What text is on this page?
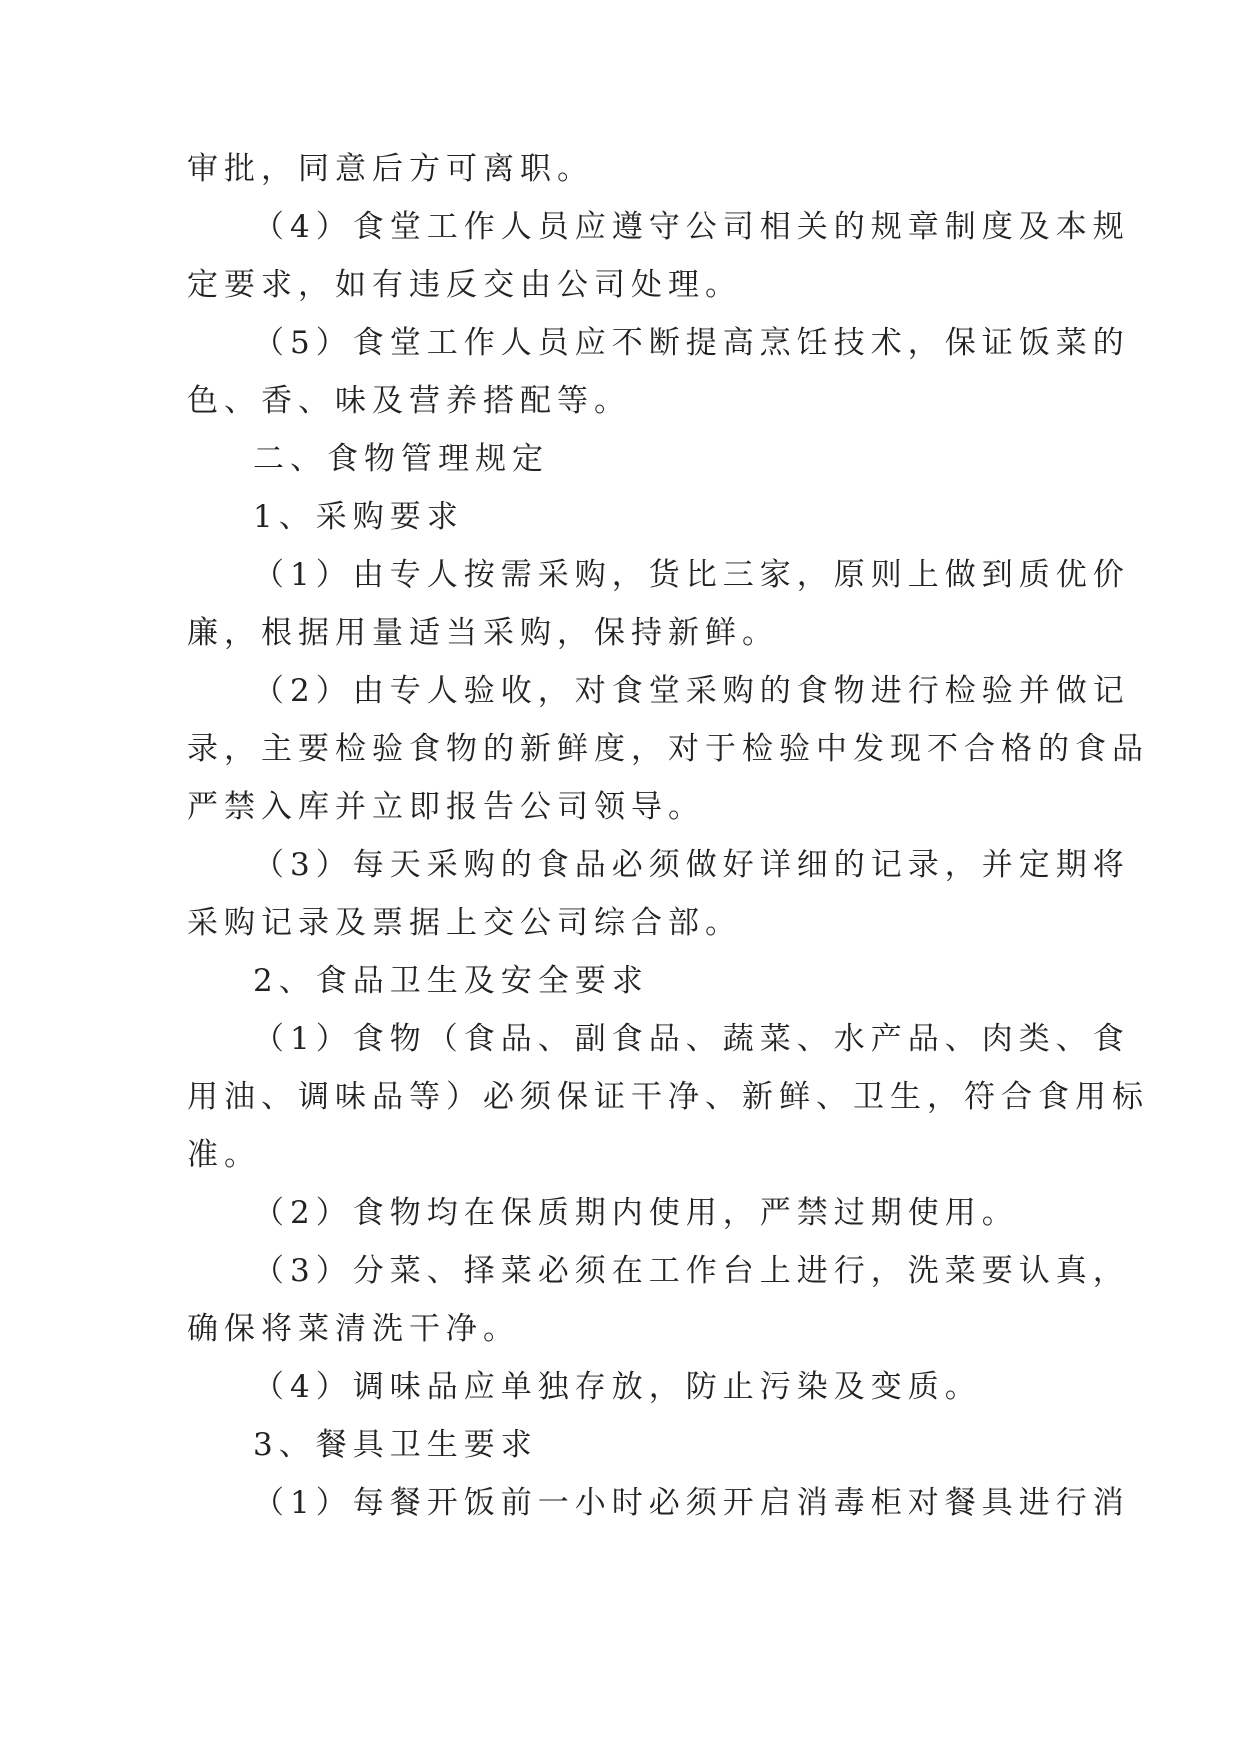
审批，同意后方可离职。
（4）食堂工作人员应遵守公司相关的规章制度及本规
定要求，如有违反交由公司处理。
（5）食堂工作人员应不断提高烹饪技术，保证饭菜的
色、香、味及营养搭配等。
二、食物管理规定
1、采购要求
（1）由专人按需采购，货比三家，原则上做到质优价
廉，根据用量适当采购，保持新鲜。
（2）由专人验收，对食堂采购的食物进行检验并做记
录，主要检验食物的新鲜度，对于检验中发现不合格的食品
严禁入库并立即报告公司领导。
（3）每天采购的食品必须做好详细的记录，并定期将
采购记录及票据上交公司综合部。
2、食品卫生及安全要求
（1）食物（食品、副食品、蔬菜、水产品、肉类、食
用油、调味品等）必须保证干净、新鲜、卫生，符合食用标
准。
（2）食物均在保质期内使用，严禁过期使用。
（3）分菜、择菜必须在工作台上进行，洗菜要认真，
确保将菜清洗干净。
（4）调味品应单独存放，防止污染及变质。
3、餐具卫生要求
（1）每餐开饭前一小时必须开启消毒柜对餐具进行消
